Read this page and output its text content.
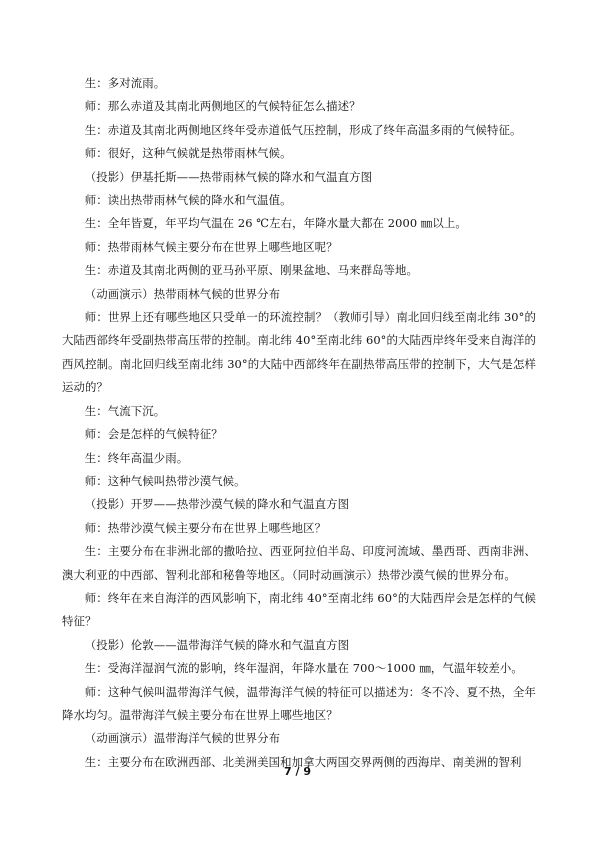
生：多对流雨。

师：那么赤道及其南北两侧地区的气候特征怎么描述？

生：赤道及其南北两侧地区终年受赤道低气压控制，形成了终年高温多雨的气候特征。

师：很好，这种气候就是热带雨林气候。

（投影）伊基托斯——热带雨林气候的降水和气温直方图

师：读出热带雨林气候的降水和气温值。

生：全年皆夏，年平均气温在 26 ℃左右，年降水量大都在 2000 ㎜以上。

师：热带雨林气候主要分布在世界上哪些地区呢？

生：赤道及其南北两侧的亚马孙平原、刚果盆地、马来群岛等地。

（动画演示）热带雨林气候的世界分布

师：世界上还有哪些地区只受单一的环流控制？（教师引导）南北回归线至南北纬 30°的大陆西部终年受副热带高压带的控制。南北纬 40°至南北纬 60°的大陆西岸终年受来自海洋的西风控制。南北回归线至南北纬 30°的大陆中西部终年在副热带高压带的控制下，大气是怎样运动的？

生：气流下沉。

师：会是怎样的气候特征？

生：终年高温少雨。

师：这种气候叫热带沙漠气候。

（投影）开罗——热带沙漠气候的降水和气温直方图

师：热带沙漠气候主要分布在世界上哪些地区？

生：主要分布在非洲北部的撒哈拉、西亚阿拉伯半岛、印度河流域、墨西哥、西南非洲、澳大利亚的中西部、智利北部和秘鲁等地区。（同时动画演示）热带沙漠气候的世界分布。

师：终年在来自海洋的西风影响下，南北纬 40°至南北纬 60°的大陆西岸会是怎样的气候特征？

（投影）伦敦——温带海洋气候的降水和气温直方图

生：受海洋湿润气流的影响，终年湿润，年降水量在 700～1000 ㎜，气温年较差小。

师：这种气候叫温带海洋气候，温带海洋气候的特征可以描述为：冬不冷、夏不热，全年降水均匀。温带海洋气候主要分布在世界上哪些地区？

（动画演示）温带海洋气候的世界分布

生：主要分布在欧洲西部、北美洲美国和加拿大两国交界两侧的西海岸、南美洲的智利

7 / 9
